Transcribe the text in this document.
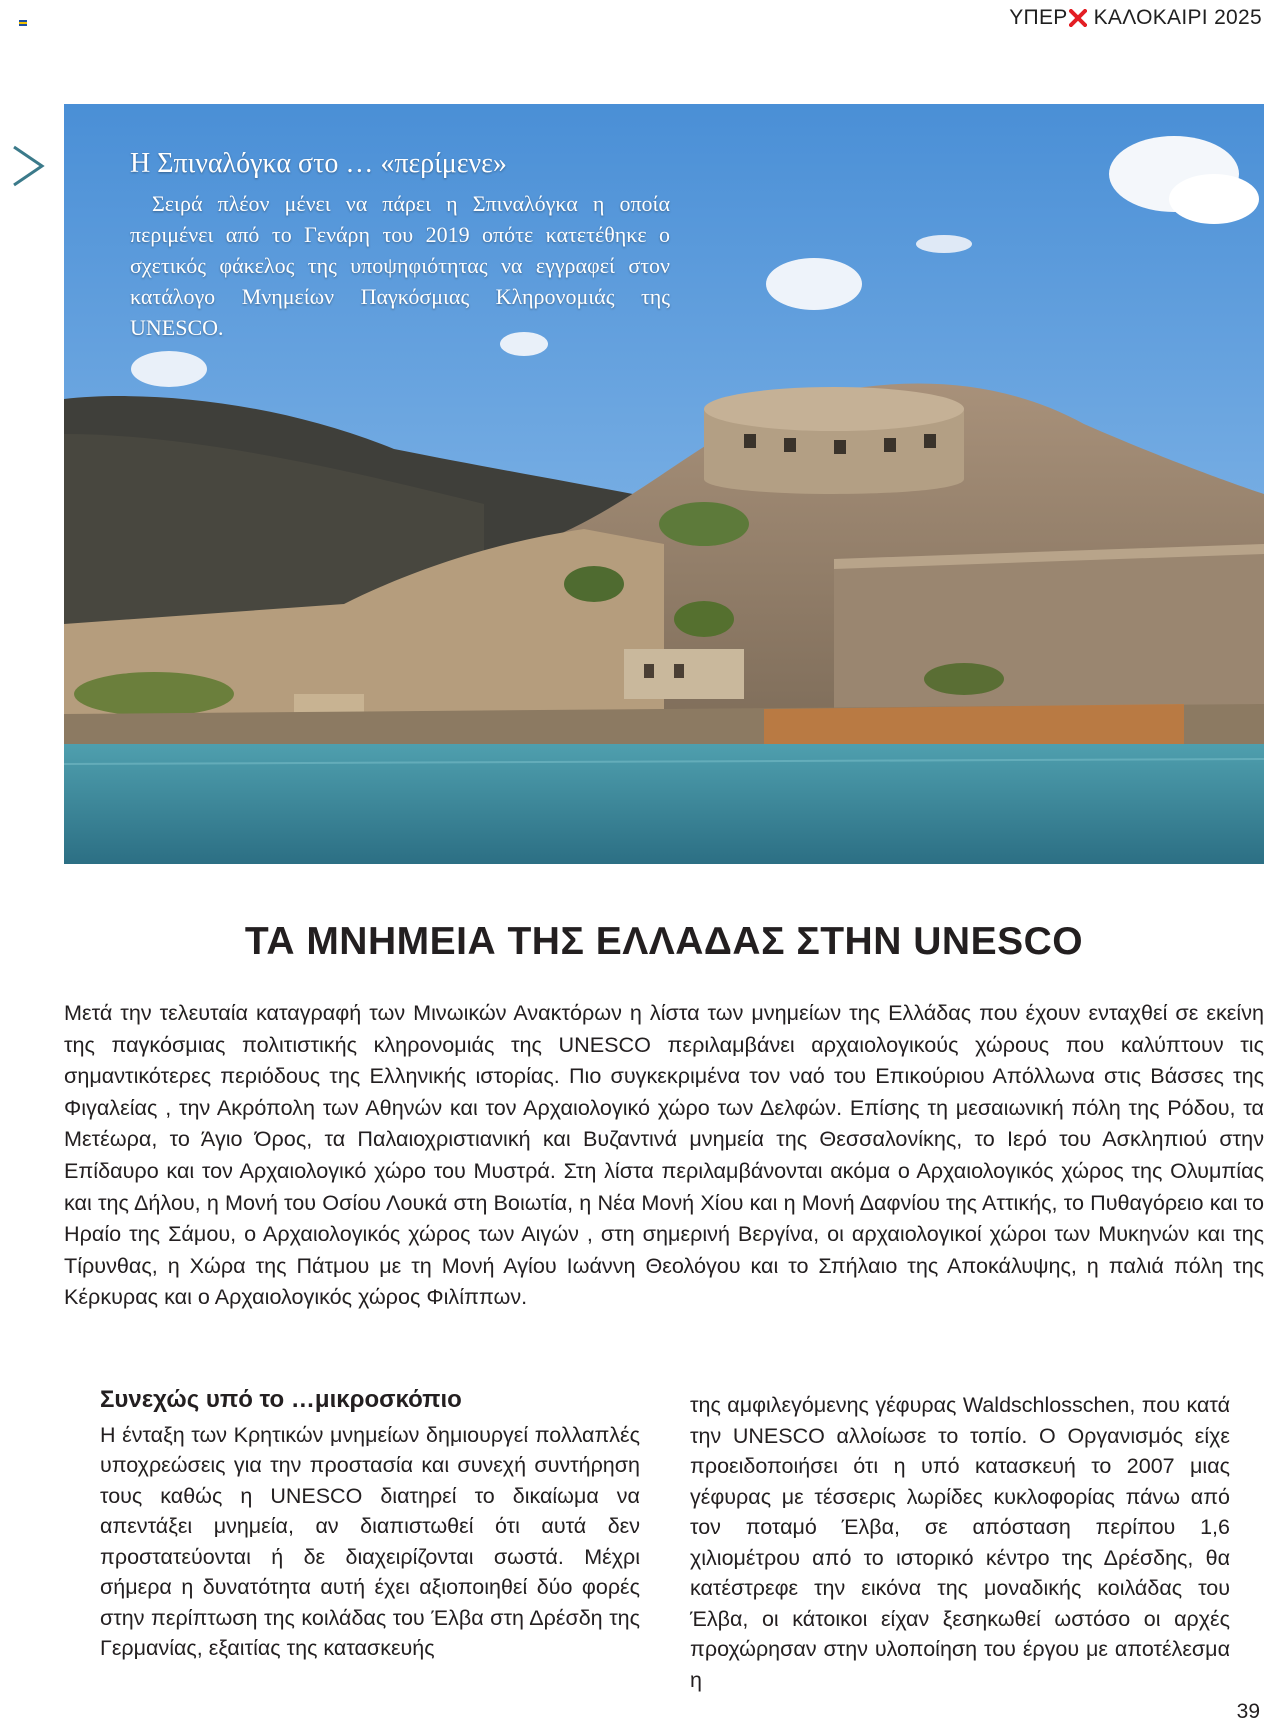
ΥΠΕΡ ΚΑΛΟΚΑΙΡΙ 2025
Η Σπιναλόγκα στο … «περίμενε»

Σειρά πλέον μένει να πάρει η Σπιναλόγκα η οποία περιμένει από το Γενάρη του 2019 οπότε κατετέθηκε ο σχετικός φάκελος της υποψηφιότητας να εγγραφεί στον κατάλογο Μνημείων Παγκόσμιας Κληρονομιάς της UNESCO.

ΤΑ ΜΝΗΜΕΙΑ ΤΗΣ ΕΛΛΑΔΑΣ ΣΤΗΝ UNESCO

Μετά την τελευταία καταγραφή των Μινωικών Ανακτόρων η λίστα των μνημείων της Ελλάδας που έχουν ενταχθεί σε εκείνη της παγκόσμιας πολιτιστικής κληρονομιάς της UNESCO περιλαμβάνει αρχαιολογικούς χώρους που καλύπτουν τις σημαντικότερες περιόδους της Ελληνικής ιστορίας. Πιο συγκεκριμένα τον ναό του Επικούριου Απόλλωνα στις Βάσσες της Φιγαλείας , την Ακρόπολη των Αθηνών και τον Αρχαιολογικό χώρο των Δελφών. Επίσης τη μεσαιωνική πόλη της Ρόδου, τα Μετέωρα, το Άγιο Όρος, τα Παλαιοχριστιανική και Βυζαντινά μνημεία της Θεσσαλονίκης, το Ιερό του Ασκληπιού στην Επίδαυρο και τον Αρχαιολογικό χώρο του Μυστρά. Στη λίστα περιλαμβάνονται ακόμα ο Αρχαιολογικός χώρος της Ολυμπίας και της Δήλου, η Μονή του Οσίου Λουκά στη Βοιωτία, η Νέα Μονή Χίου και η Μονή Δαφνίου της Αττικής, το Πυθαγόρειο και το Ηραίο της Σάμου, ο Αρχαιολογικός χώρος των Αιγών , στη σημερινή Βεργίνα, οι αρχαιολογικοί χώροι των Μυκηνών και της Τίρυνθας, η Χώρα της Πάτμου με τη Μονή Αγίου Ιωάννη Θεολόγου και το Σπήλαιο της Αποκάλυψης, η παλιά πόλη της Κέρκυρας και ο Αρχαιολογικός χώρος Φιλίππων.

Συνεχώς υπό το …μικροσκόπιο

Η ένταξη των Κρητικών μνημείων δημιουργεί πολλαπλές υποχρεώσεις για την προστασία και συνεχή συντήρηση τους καθώς η UNESCO διατηρεί το δικαίωμα να απεντάξει μνημεία, αν διαπιστωθεί ότι αυτά δεν προστατεύονται ή δε διαχειρίζονται σωστά. Μέχρι σήμερα η δυνατότητα αυτή έχει αξιοποιηθεί δύο φορές στην περίπτωση της κοιλάδας του Έλβα στη Δρέσδη της Γερμανίας, εξαιτίας της κατασκευής

της αμφιλεγόμενης γέφυρας Waldschlosschen, που κατά την UNESCO αλλοίωσε το τοπίο. Ο Οργανισμός είχε προειδοποιήσει ότι η υπό κατασκευή το 2007 μιας γέφυρας με τέσσερις λωρίδες κυκλοφορίας πάνω από τον ποταμό Έλβα, σε απόσταση περίπου 1,6 χιλιομέτρου από το ιστορικό κέντρο της Δρέσδης, θα κατέστρεφε την εικόνα της μοναδικής κοιλάδας του Έλβα, οι κάτοικοι είχαν ξεσηκωθεί ωστόσο οι αρχές προχώρησαν στην υλοποίηση του έργου με αποτέλεσμα η

39
